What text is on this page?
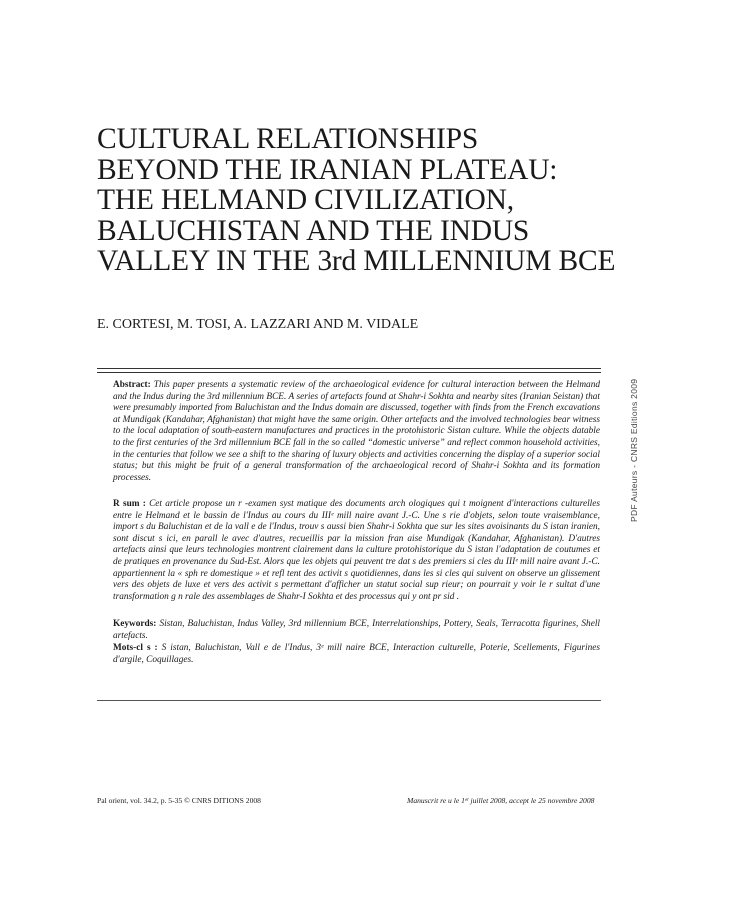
CULTURAL RELATIONSHIPS
BEYOND THE IRANIAN PLATEAU:
THE HELMAND CIVILIZATION,
BALUCHISTAN AND THE INDUS
VALLEY IN THE 3rd MILLENNIUM BCE
E. CORTESI, M. TOSI, A. LAZZARI AND M. VIDALE
Abstract: This paper presents a systematic review of the archaeological evidence for cultural interaction between the Helmand and the Indus during the 3rd millennium BCE. A series of artefacts found at Shahr-i Sokhta and nearby sites (Iranian Seistan) that were presumably imported from Baluchistan and the Indus domain are discussed, together with finds from the French excavations at Mundigak (Kandahar, Afghanistan) that might have the same origin. Other artefacts and the involved technologies bear witness to the local adaptation of south-eastern manufactures and practices in the protohistoric Sistan culture. While the objects datable to the first centuries of the 3rd millennium BCE fall in the so called “domestic universe” and reflect common household activities, in the centuries that follow we see a shift to the sharing of luxury objects and activities concerning the display of a superior social status; but this might be fruit of a general transformation of the archaeological record of Shahr-i Sokhta and its formation processes.
R sum : Cet article propose un r -examen syst matique des documents arch ologiques qui t moignent d'interactions culturelles entre le Helmand et le bassin de l'Indus au cours du IIIᵉ mill naire avant J.-C. Une s rie d'objets, selon toute vraisemblance, import s du Baluchistan et de la vall e de l'Indus, trouv s aussi bien Shahr-i Sokhta que sur les sites avoisinants du S istan iranien, sont discut s ici, en parall le avec d'autres, recueillis par la mission fran aise Mundigak (Kandahar, Afghanistan). D'autres artefacts ainsi que leurs technologies montrent clairement dans la culture protohistorique du S istan l'adaptation de coutumes et de pratiques en provenance du Sud-Est. Alors que les objets qui peuvent tre dat s des premiers si cles du IIIᵉ mill naire avant J.-C. appartiennent la « sph re domestique » et refl tent des activit s quotidiennes, dans les si cles qui suivent on observe un glissement vers des objets de luxe et vers des activit s permettant d'afficher un statut social sup rieur; on pourrait y voir le r sultat d'une transformation g n rale des assemblages de Shahr-I Sokhta et des processus qui y ont pr sid .
Keywords: Sistan, Baluchistan, Indus Valley, 3rd millennium BCE, Interrelationships, Pottery, Seals, Terracotta figurines, Shell artefacts.
Mots-cl s : S istan, Baluchistan, Vall e de l'Indus, 3ᵉ mill naire BCE, Interaction culturelle, Poterie, Scellements, Figurines d'argile, Coquillages.
Pal orient, vol. 34.2, p. 5-35 © CNRS DITIONS 2008	Manuscrit re u le 1ᵉʳ juillet 2008, accept le 25 novembre 2008
PDF Auteurs - CNRS Editions 2009
